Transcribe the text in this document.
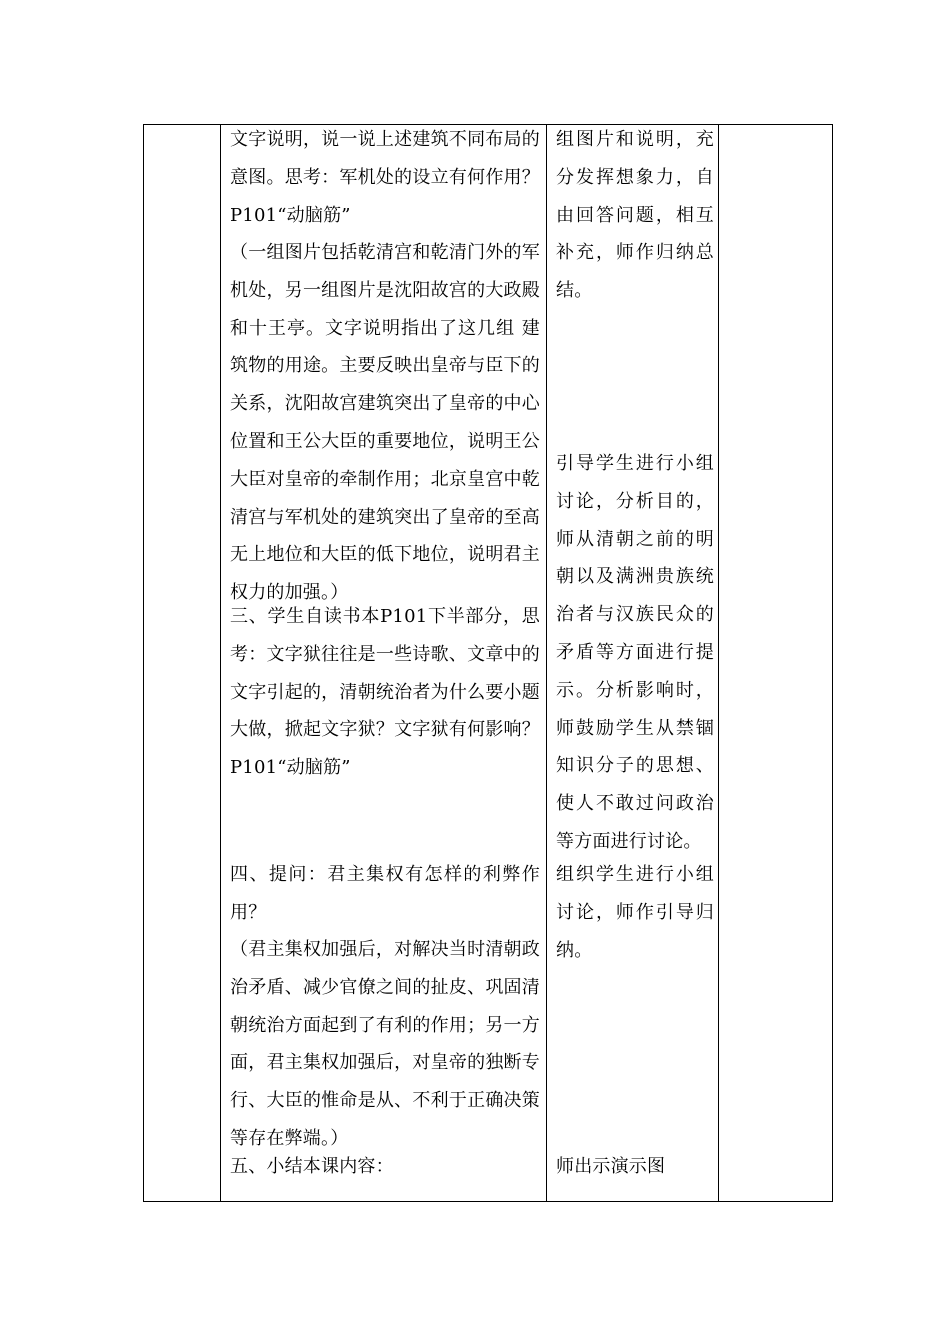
文字说明，说一说上述建筑不同布局的意图。思考：军机处的设立有何作用？P101“动脑筋”
（一组图片包括乾清宫和乾清门外的军机处，另一组图片是沈阳故宫的大政殿和十王亭。文字说明指出了这几组 建筑物的用途。主要反映出皇帝与臣下的关系，沈阳故宫建筑突出了皇帝的中心位置和王公大臣的重要地位，说明王公大臣对皇帝的牵制作用；北京皇宫中乾清宫与军机处的建筑突出了皇帝的至高无上地位和大臣的低下地位，说明君主权力的加强。）
三、学生自读书本P101下半部分，思考：文字狱往往是一些诗歌、文章中的文字引起的，清朝统治者为什么要小题大做，掀起文字狱？文字狱有何影响？P101“动脑筋”
四、提问：君主集权有怎样的利弊作用？
（君主集权加强后，对解决当时清朝政治矛盾、减少官僚之间的扯皮、巩固清朝统治方面起到了有利的作用；另一方面，君主集权加强后，对皇帝的独断专行、大臣的惟命是从、不利于正确决策等存在弊端。）
五、小结本课内容：
组图片和说明，充分发挥想象力，自由回答问题，相互补充，师作归纳总结。
引导学生进行小组讨论，分析目的，师从清朝之前的明朝以及满洲贵族统治者与汉族民众的矛盾等方面进行提示。分析影响时，师鼓励学生从禁锢知识分子的思想、使人不敢过问政治等方面进行讨论。
组织学生进行小组讨论，师作引导归纳。
师出示演示图
